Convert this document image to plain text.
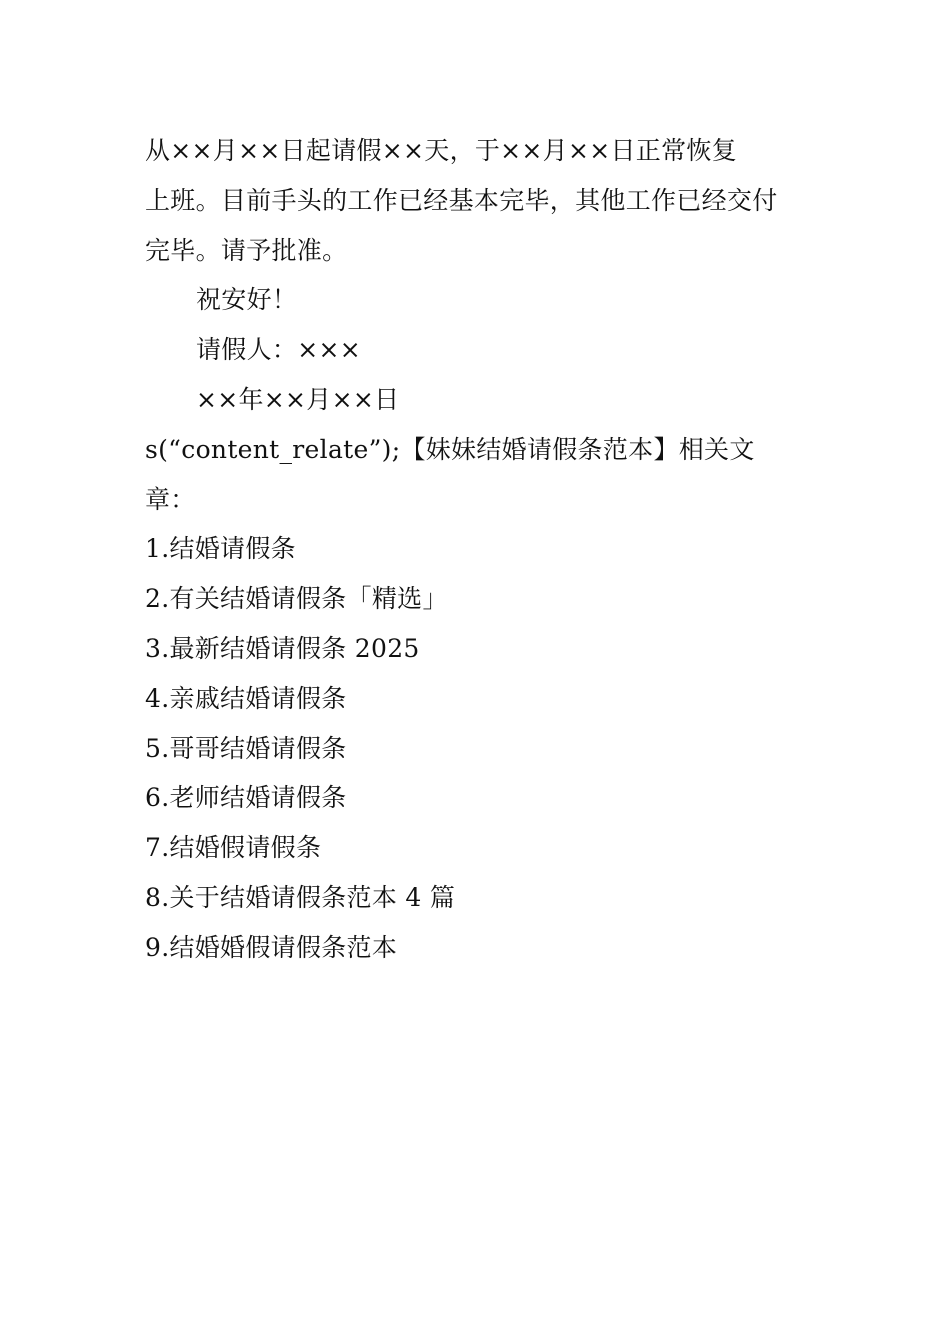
从××月××日起请假××天，于××月××日正常恢复
上班。目前手头的工作已经基本完毕，其他工作已经交付
完毕。请予批准。
祝安好！
请假人：×××
××年××月××日
s(“content_relate”);【妹妹结婚请假条范本】相关文
章：
1.结婚请假条
2.有关结婚请假条「精选」
3.最新结婚请假条 2025
4.亲戚结婚请假条
5.哥哥结婚请假条
6.老师结婚请假条
7.结婚假请假条
8.关于结婚请假条范本 4 篇
9.结婚婚假请假条范本
